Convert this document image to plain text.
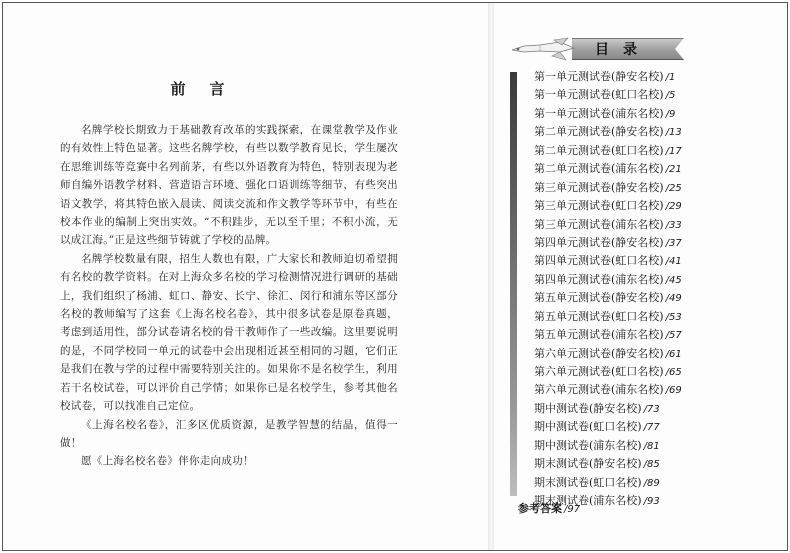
前言

名牌学校长期致力于基础教育改革的实践探索，在课堂教学及作业的有效性上特色显著。这些名牌学校，有些以数学教育见长，学生屡次在思维训练等竞赛中名列前茅，有些以外语教育为特色，特别表现为老师自编外语教学材料、营造语言环境、强化口语训练等细节，有些突出语文教学，将其特色嵌入晨读、阅读交流和作文教学等环节中，有些在校本作业的编制上突出实效。“不积跬步，无以至千里；不积小流，无以成江海。”正是这些细节铸就了学校的品牌。

名牌学校数量有限，招生人数也有限，广大家长和教师迫切希望拥有名校的教学资料。在对上海众多名校的学习检测情况进行调研的基础上，我们组织了杨浦、虹口、静安、长宁、徐汇、闵行和浦东等区部分名校的教师编写了这套《上海名校名卷》，其中很多试卷是原卷真题，考虑到适用性，部分试卷请名校的骨干教师作了一些改编。这里要说明的是，不同学校同一单元的试卷中会出现相近甚至相同的习题，它们正是我们在教与学的过程中需要特别关注的。如果你不是名校学生，利用若干名校试卷，可以评价自己学情；如果你已是名校学生，参考其他名校试卷，可以找准自己定位。

《上海名校名卷》，汇多区优质资源，是教学智慧的结晶，值得一做！

愿《上海名校名卷》伴你走向成功！

目录
第一单元测试卷(静安名校) /1
第一单元测试卷(虹口名校) /5
第一单元测试卷(浦东名校) /9
第二单元测试卷(静安名校) /13
第二单元测试卷(虹口名校) /17
第二单元测试卷(浦东名校) /21
第三单元测试卷(静安名校) /25
第三单元测试卷(虹口名校) /29
第三单元测试卷(浦东名校) /33
第四单元测试卷(静安名校) /37
第四单元测试卷(虹口名校) /41
第四单元测试卷(浦东名校) /45
第五单元测试卷(静安名校) /49
第五单元测试卷(虹口名校) /53
第五单元测试卷(浦东名校) /57
第六单元测试卷(静安名校) /61
第六单元测试卷(虹口名校) /65
第六单元测试卷(浦东名校) /69
期中测试卷(静安名校) /73
期中测试卷(虹口名校) /77
期中测试卷(浦东名校) /81
期末测试卷(静安名校) /85
期末测试卷(虹口名校) /89
期末测试卷(浦东名校) /93
参考答案 /97
